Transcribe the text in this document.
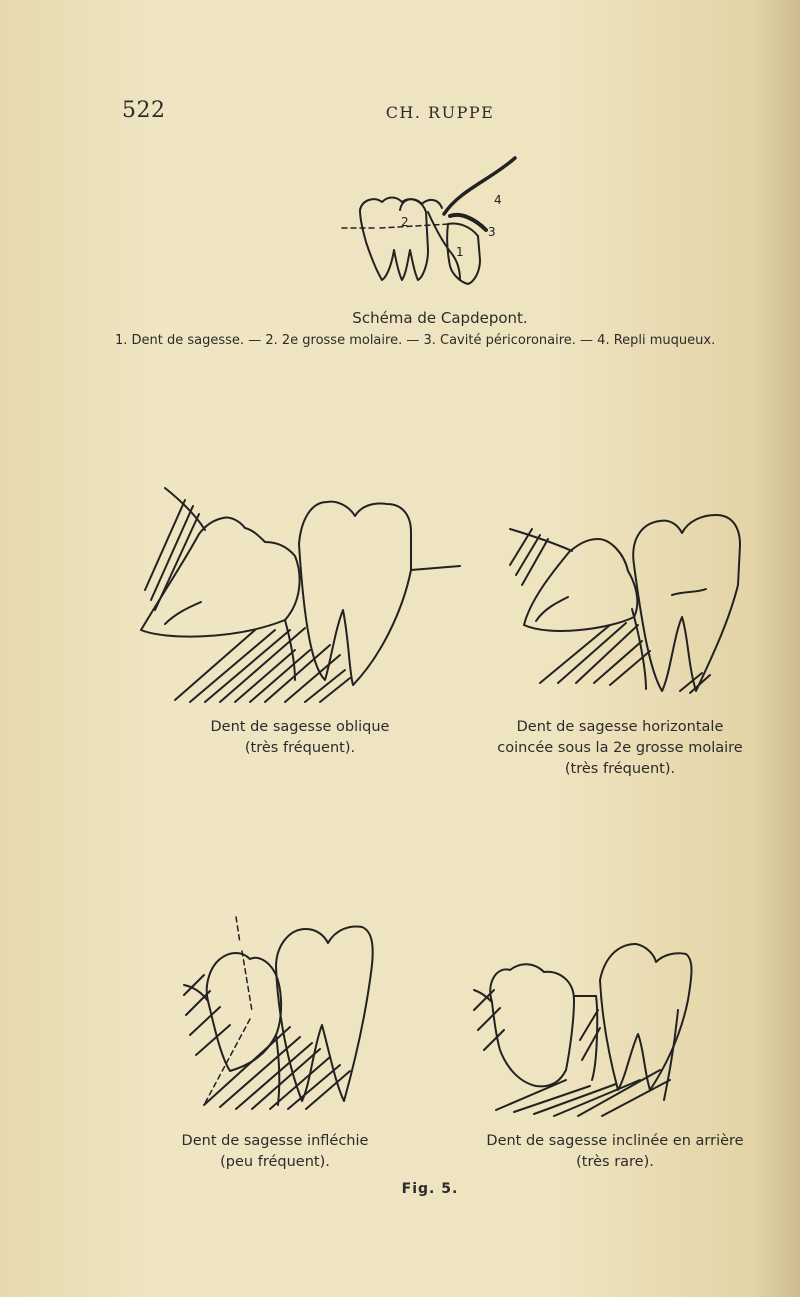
522	CH. RUPPE
2
1
3
4
Schéma de Capdepont.
1. Dent de sagesse. — 2. 2e grosse molaire. — 3. Cavité péricoronaire. — 4. Repli muqueux.
Dent de sagesse oblique
(très fréquent).
Dent de sagesse horizontale
coincée sous la 2e grosse molaire
(très fréquent).
Dent de sagesse infléchie
(peu fréquent).
Dent de sagesse inclinée en arrière
(très rare).
Fig. 5.
